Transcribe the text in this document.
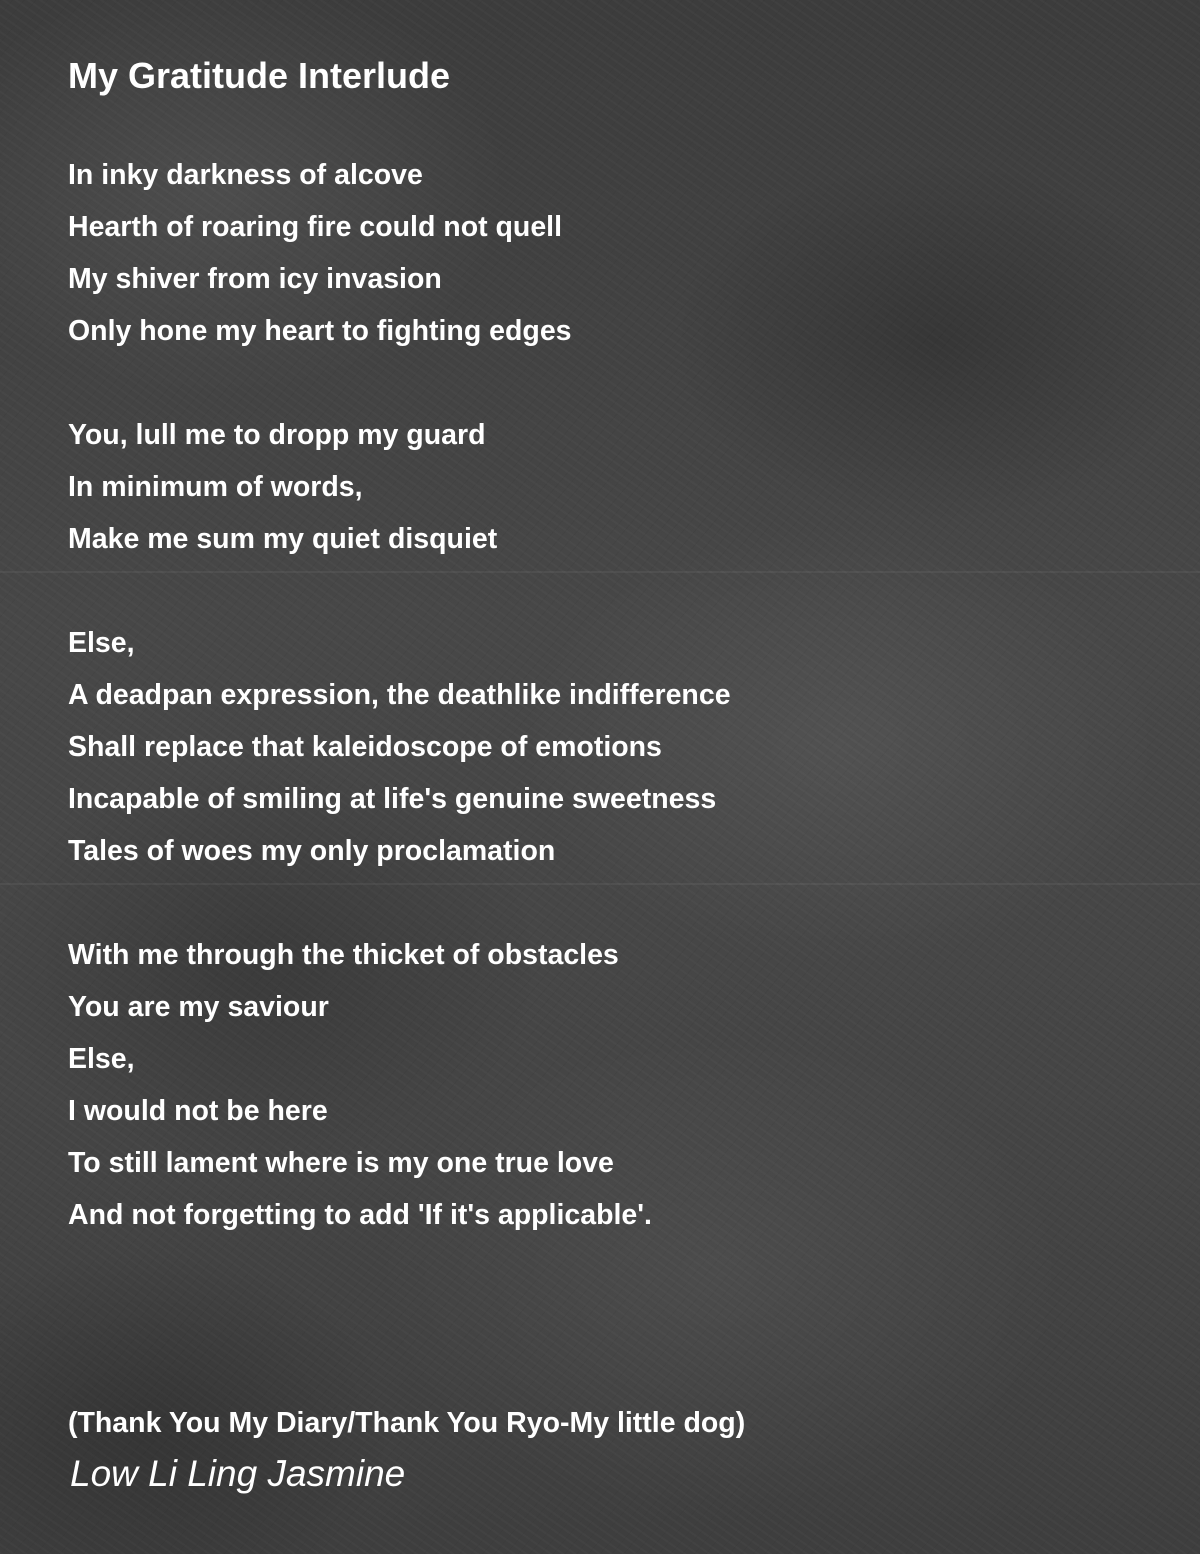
My Gratitude Interlude
In inky darkness of alcove
Hearth of roaring fire could not quell
My shiver from icy invasion
Only hone my heart to fighting edges
You, lull me to dropp my guard
In minimum of words,
Make me sum my quiet disquiet
Else,
A deadpan expression, the deathlike indifference
Shall replace that kaleidoscope of emotions
Incapable of smiling at life's genuine sweetness
Tales of woes my only proclamation
With me through the thicket of obstacles
You are my saviour
Else,
I would not be here
To still lament where is my one true love
And not forgetting to add 'If it's applicable'.
(Thank You My Diary/Thank You Ryo-My little dog)

Low Li Ling Jasmine
